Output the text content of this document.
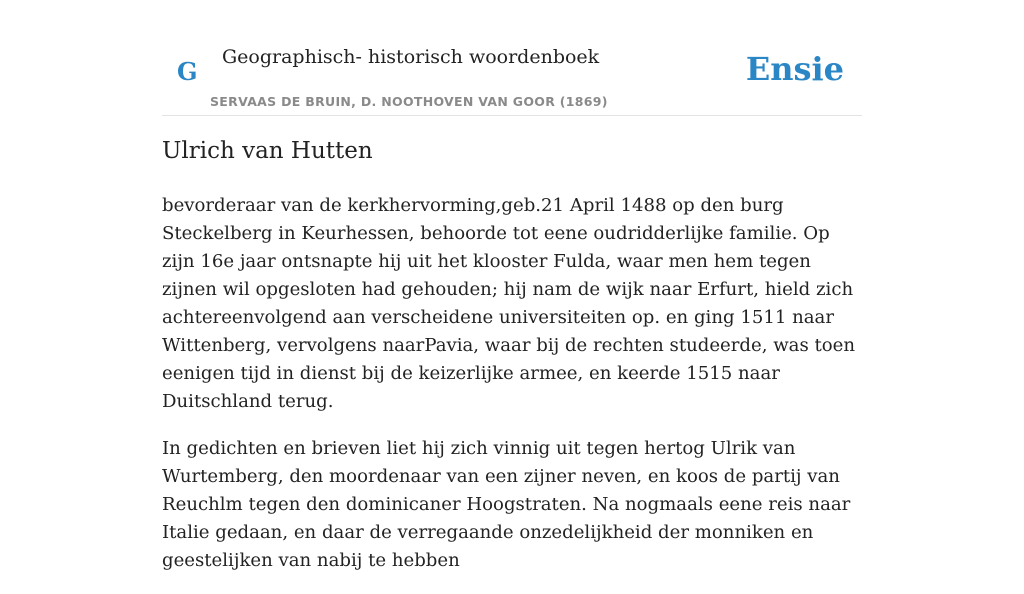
G Geographisch- historisch woordenboek
SERVAAS DE BRUIN, D. NOOTHOVEN VAN GOOR (1869)
Ensie
Ulrich van Hutten

bevorderaar van de kerkhervorming,geb.21 April 1488 op den burg Steckelberg in Keurhessen, behoorde tot eene oudridderlijke familie. Op zijn 16e jaar ontsnapte hij uit het klooster Fulda, waar men hem tegen zijnen wil opgesloten had gehouden; hij nam de wijk naar Erfurt, hield zich achtereenvolgend aan verscheidene universiteiten op. en ging 1511 naar Wittenberg, vervolgens naarPavia, waar bij de rechten studeerde, was toen eenigen tijd in dienst bij de keizerlijke armee, en keerde 1515 naar Duitschland terug.

In gedichten en brieven liet hij zich vinnig uit tegen hertog Ulrik van Wurtemberg, den moordenaar van een zijner neven, en koos de partij van Reuchlm tegen den dominicaner Hoogstraten. Na nogmaals eene reis naar Italie gedaan, en daar de verregaande onzedelijkheid der monniken en geestelijken van nabij te hebben
